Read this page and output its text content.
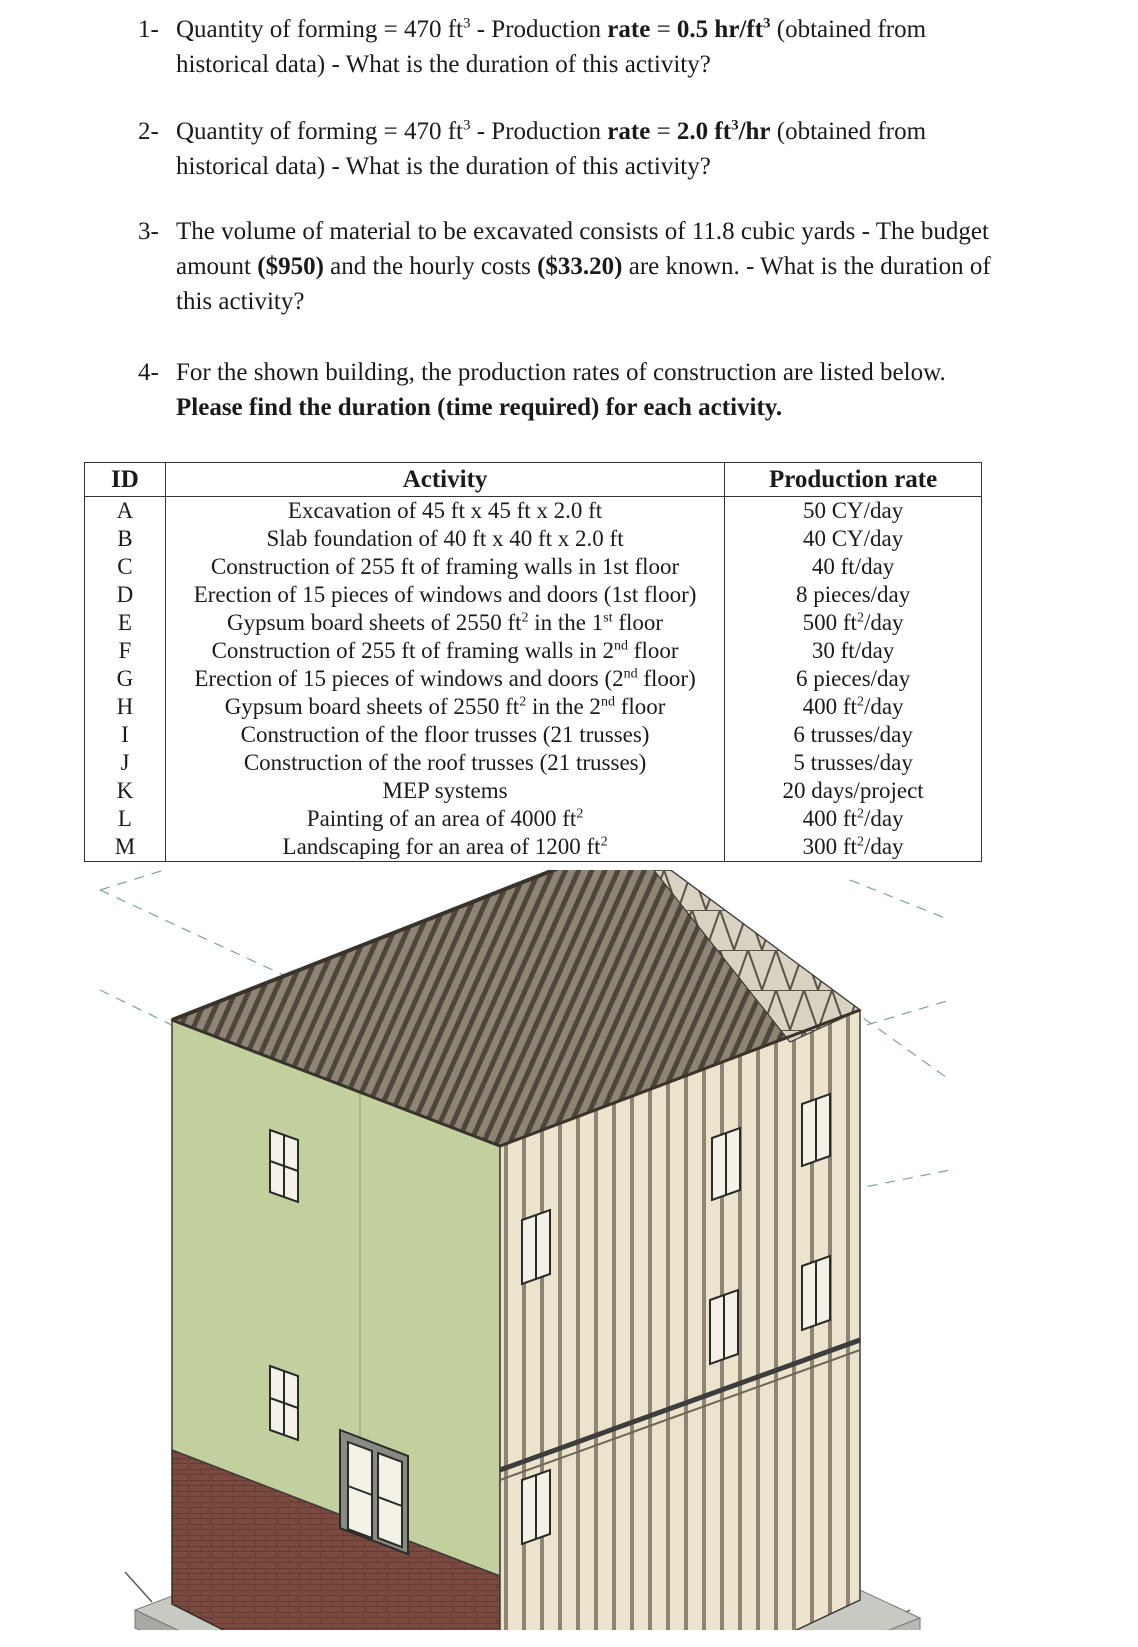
1- Quantity of forming = 470 $ft^3$ - Production rate = 0.5 $hr/ft^3$ (obtained from historical data) - What is the duration of this activity?
2- Quantity of forming = 470 $ft^3$ - Production rate = 2.0 $ft^3/hr$ (obtained from historical data) - What is the duration of this activity?
3- The volume of material to be excavated consists of 11.8 cubic yards - The budget amount ($950) and the hourly costs ($33.20) are known. - What is the duration of this activity?
4- For the shown building, the production rates of construction are listed below. Please find the duration (time required) for each activity.
ID	Activity	Production rate
A	Excavation of 45 ft x 45 ft x 2.0 ft	50 CY/day
B	Slab foundation of 40 ft x 40 ft x 2.0 ft	40 CY/day
C	Construction of 255 ft of framing walls in 1st floor	40 ft/day
D	Erection of 15 pieces of windows and doors (1st floor)	8 pieces/day
E	Gypsum board sheets of 2550 $ft^2$ in the 1st floor	500 $ft^2$/day
F	Construction of 255 ft of framing walls in 2nd floor	30 ft/day
G	Erection of 15 pieces of windows and doors (2nd floor)	6 pieces/day
H	Gypsum board sheets of 2550 $ft^2$ in the 2nd floor	400 $ft^2$/day
I	Construction of the floor trusses (21 trusses)	6 trusses/day
J	Construction of the roof trusses (21 trusses)	5 trusses/day
K	MEP systems	20 days/project
L	Painting of an area of 4000 $ft^2$	400 $ft^2$/day
M	Landscaping for an area of 1200 $ft^2$	300 $ft^2$/day
